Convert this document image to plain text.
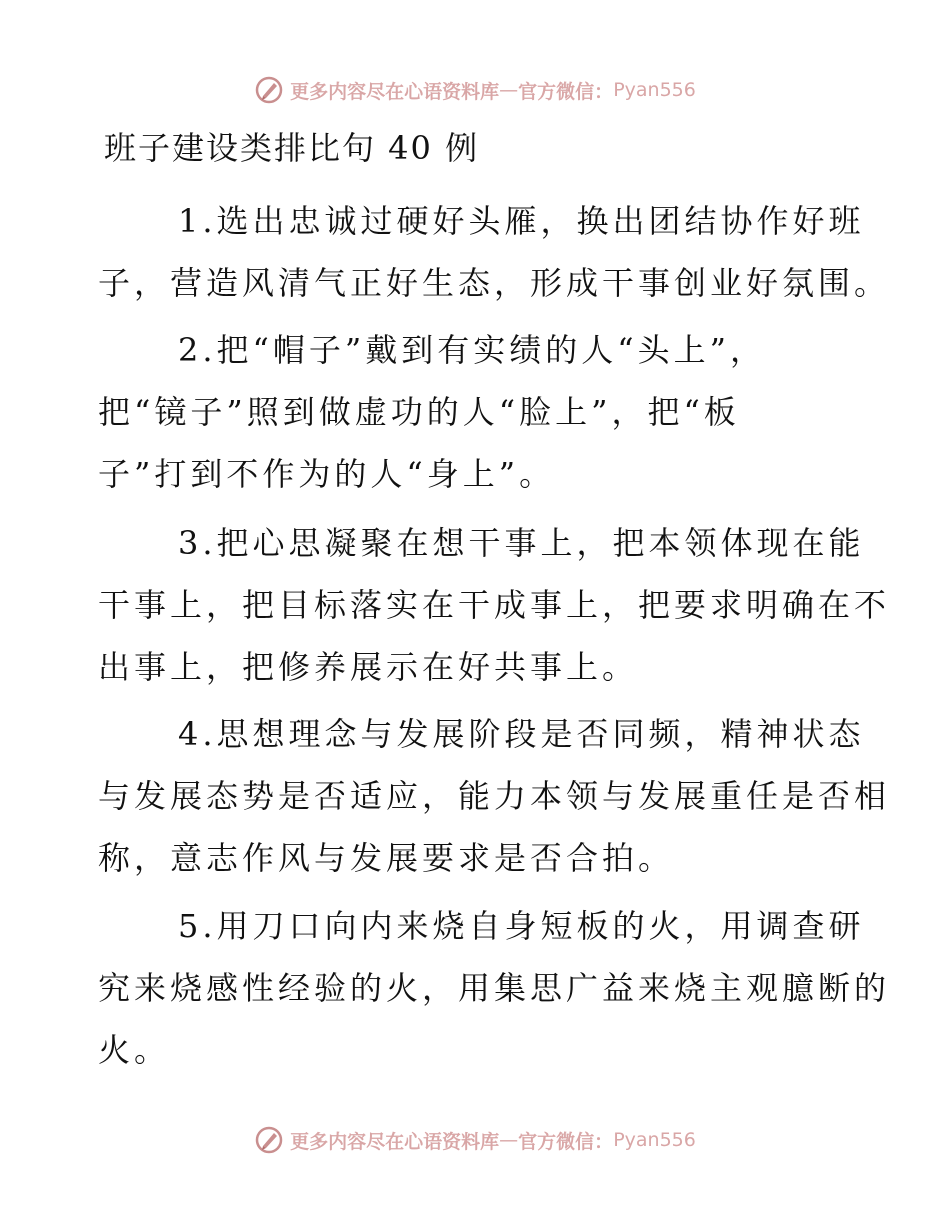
更多内容尽在心语资料库 — 官方微信： Pyan556
班子建设类排比句 40 例
1.选出忠诚过硬好头雁，换出团结协作好班
子，营造风清气正好生态，形成干事创业好氛围。
2.把“帽子”戴到有实绩的人“头上”，
把“镜子”照到做虚功的人“脸上”，把“板
子”打到不作为的人“身上”。
3.把心思凝聚在想干事上，把本领体现在能
干事上，把目标落实在干成事上，把要求明确在不
出事上，把修养展示在好共事上。
4.思想理念与发展阶段是否同频，精神状态
与发展态势是否适应，能力本领与发展重任是否相
称，意志作风与发展要求是否合拍。
5.用刀口向内来烧自身短板的火，用调查研
究来烧感性经验的火，用集思广益来烧主观臆断的
火。
更多内容尽在心语资料库 — 官方微信： Pyan556
